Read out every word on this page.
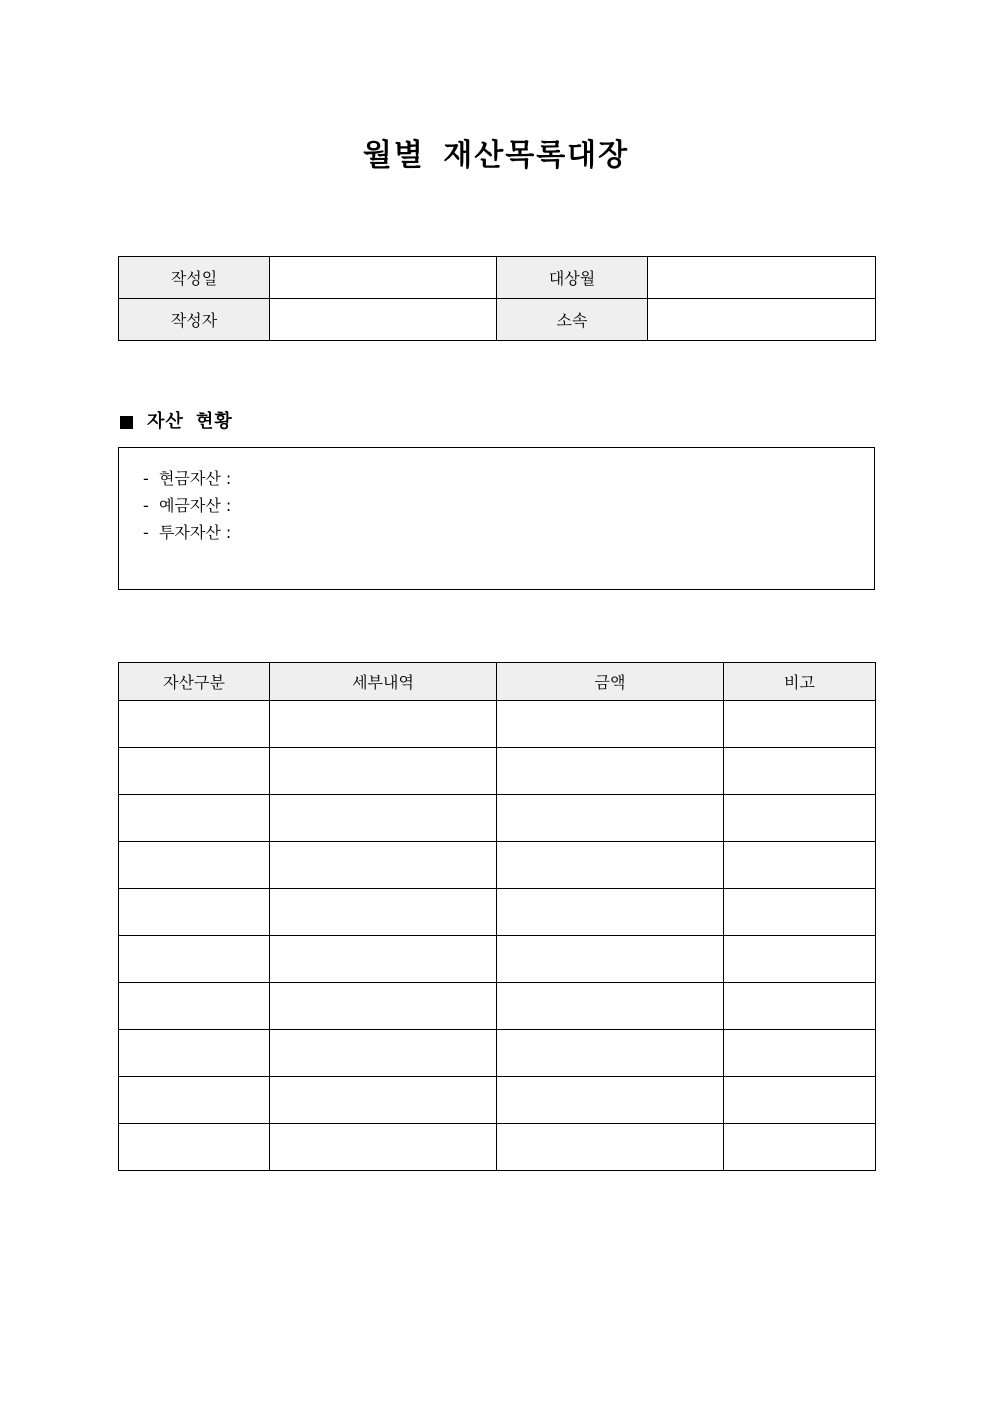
월별 재산목록대장
작성일		대상월	
작성자		소속	
자산 현황
-  현금자산 :
-  예금자산 :
-  투자자산 :
자산구분	세부내역	금액	비고
